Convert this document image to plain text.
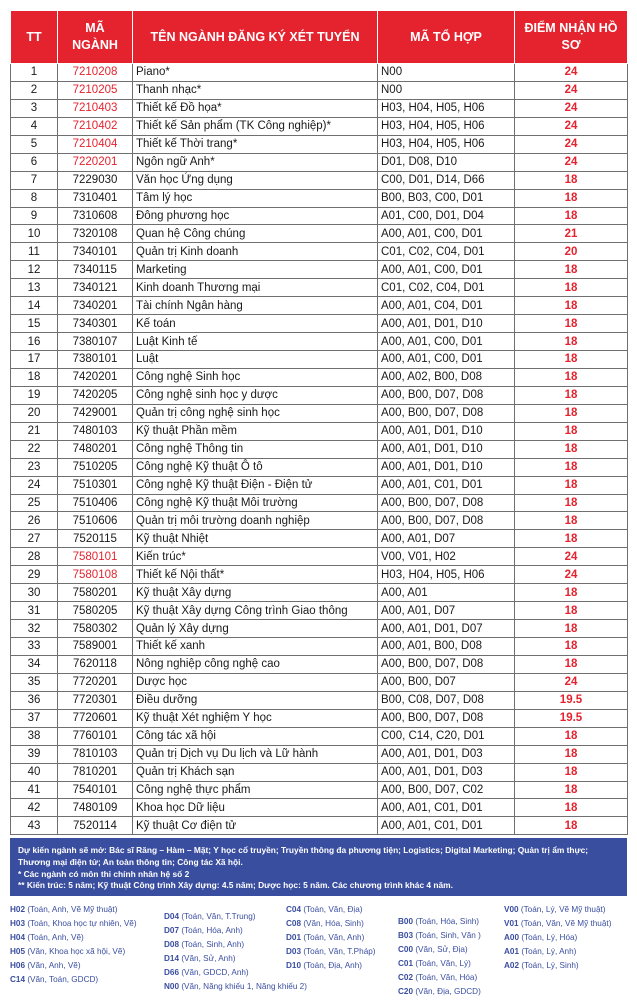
TT	MÃ NGÀNH	TÊN NGÀNH ĐĂNG KÝ XÉT TUYỂN	MÃ TỔ HỢP	ĐIỂM NHẬN HỒ SƠ
1	7210208	Piano*	N00	24
2	7210205	Thanh nhạc*	N00	24
3	7210403	Thiết kế Đồ họa*	H03, H04, H05, H06	24
4	7210402	Thiết kế Sản phẩm (TK Công nghiệp)*	H03, H04, H05, H06	24
5	7210404	Thiết kế Thời trang*	H03, H04, H05, H06	24
6	7220201	Ngôn ngữ Anh*	D01, D08, D10	24
7	7229030	Văn học Ứng dụng	C00, D01, D14, D66	18
8	7310401	Tâm lý học	B00, B03, C00, D01	18
9	7310608	Đông phương học	A01, C00, D01, D04	18
10	7320108	Quan hệ Công chúng	A00, A01, C00, D01	21
11	7340101	Quản trị Kinh doanh	C01, C02, C04, D01	20
12	7340115	Marketing	A00, A01, C00, D01	18
13	7340121	Kinh doanh Thương mại	C01, C02, C04, D01	18
14	7340201	Tài chính Ngân hàng	A00, A01, C04, D01	18
15	7340301	Kế toán	A00, A01, D01, D10	18
16	7380107	Luật Kinh tế	A00, A01, C00, D01	18
17	7380101	Luật	A00, A01, C00, D01	18
18	7420201	Công nghệ Sinh học	A00, A02, B00, D08	18
19	7420205	Công nghệ sinh học y dược	A00, B00, D07, D08	18
20	7429001	Quản trị công nghệ sinh học	A00, B00, D07, D08	18
21	7480103	Kỹ thuật Phần mềm	A00, A01, D01, D10	18
22	7480201	Công nghệ Thông tin	A00, A01, D01, D10	18
23	7510205	Công nghệ Kỹ thuật Ô tô	A00, A01, D01, D10	18
24	7510301	Công nghệ Kỹ thuật Điện - Điện tử	A00, A01, C01, D01	18
25	7510406	Công nghệ Kỹ thuật Môi trường	A00, B00, D07, D08	18
26	7510606	Quản trị môi trường doanh nghiệp	A00, B00, D07, D08	18
27	7520115	Kỹ thuật Nhiệt	A00, A01, D07	18
28	7580101	Kiến trúc*	V00, V01, H02	24
29	7580108	Thiết kế Nội thất*	H03, H04, H05, H06	24
30	7580201	Kỹ thuật Xây dựng	A00, A01	18
31	7580205	Kỹ thuật Xây dựng Công trình Giao thông	A00, A01, D07	18
32	7580302	Quản lý Xây dựng	A00, A01, D01, D07	18
33	7589001	Thiết kế xanh	A00, A01, B00, D08	18
34	7620118	Nông nghiệp công nghệ cao	A00, B00, D07, D08	18
35	7720201	Dược học	A00, B00, D07	24
36	7720301	Điều dưỡng	B00, C08, D07, D08	19.5
37	7720601	Kỹ thuật Xét nghiệm Y học	A00, B00, D07, D08	19.5
38	7760101	Công tác xã hội	C00, C14, C20, D01	18
39	7810103	Quản trị Dịch vụ Du lịch và Lữ hành	A00, A01, D01, D03	18
40	7810201	Quản trị Khách sạn	A00, A01, D01, D03	18
41	7540101	Công nghệ thực phẩm	A00, B00, D07, C02	18
42	7480109	Khoa học Dữ liệu	A00, A01, C01, D01	18
43	7520114	Kỹ thuật Cơ điện tử	A00, A01, C01, D01	18
Dự kiến ngành sẽ mở: Bác sĩ Răng – Hàm – Mặt; Y học cổ truyền; Truyền thông đa phương tiện; Logistics; Digital Marketing; Quản trị ẩm thực;
Thương mại điện tử; An toàn thông tin; Công tác Xã hội.
* Các ngành có môn thi chính nhân hệ số 2
** Kiến trúc: 5 năm; Kỹ thuật Công trình Xây dựng: 4.5 năm; Dược học: 5 năm. Các chương trình khác 4 năm.
H02 (Toán, Anh, Vẽ Mỹ thuật)
H03 (Toán, Khoa học tự nhiên, Vẽ)
H04 (Toán, Anh, Vẽ)
H05 (Văn, Khoa học xã hội, Vẽ)
H06 (Văn, Anh, Vẽ)
C14 (Văn, Toán, GDCD)
D04 (Toán, Văn, T.Trung)
D07 (Toán, Hóa, Anh)
D08 (Toán, Sinh, Anh)
D14 (Văn, Sử, Anh)
D66 (Văn, GDCD, Anh)
N00 (Văn, Năng khiếu 1, Năng khiếu 2)
C04 (Toán, Văn, Địa)
C08 (Văn, Hóa, Sinh)
D01 (Toán, Văn, Anh)
D03 (Toán, Văn, T.Pháp)
D10 (Toán, Địa, Anh)
B00 (Toán, Hóa, Sinh)
B03 (Toán, Sinh, Văn )
C00 (Văn, Sử, Địa)
C01 (Toán, Văn, Lý)
C02 (Toán, Văn, Hóa)
C20 (Văn, Địa, GDCD)
V00 (Toán, Lý, Vẽ Mỹ thuật)
V01 (Toán, Văn, Vẽ Mỹ thuật)
A00 (Toán, Lý, Hóa)
A01 (Toán, Lý, Anh)
A02 (Toán, Lý, Sinh)
